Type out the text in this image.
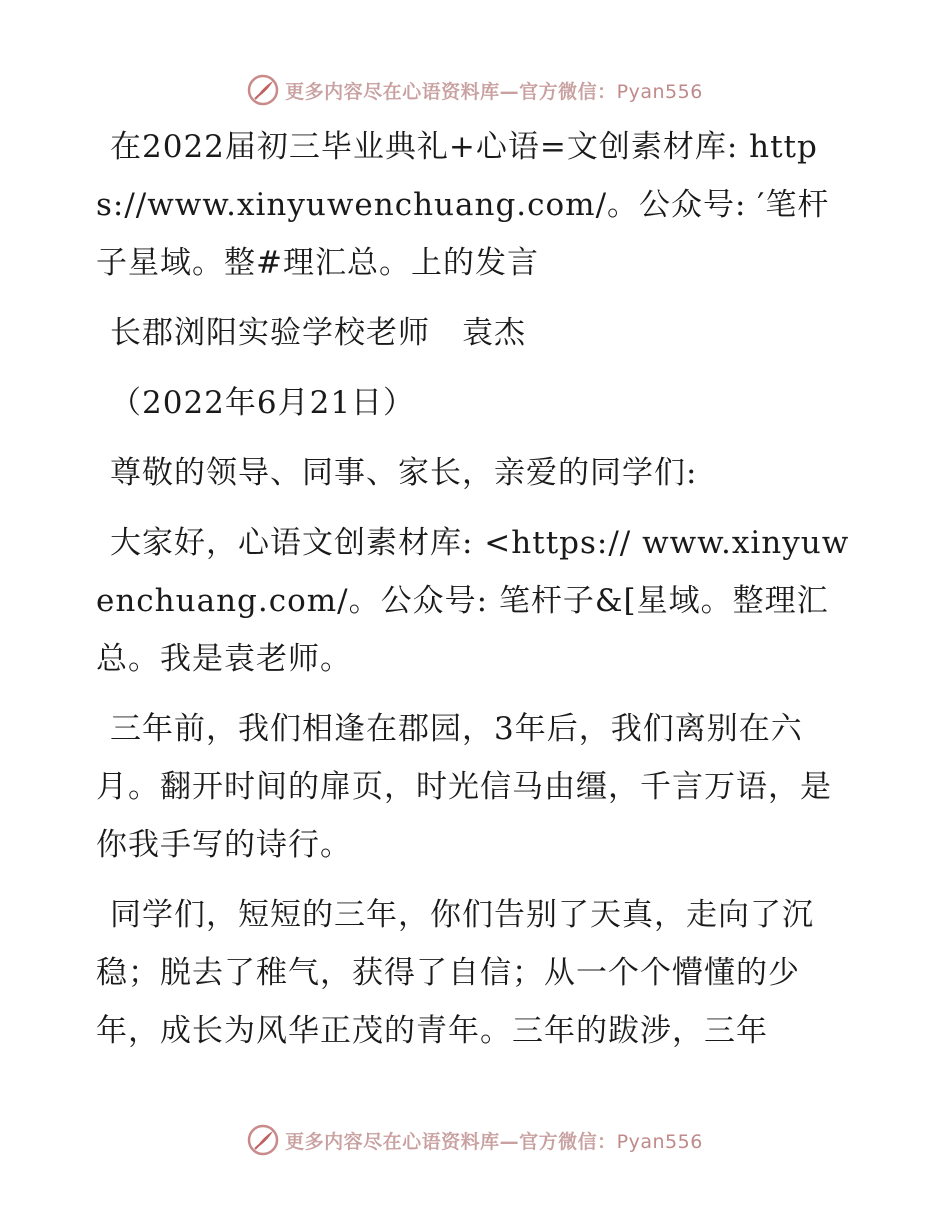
更多内容尽在心语资料库—官方微信：Pyan556

在2022届初三毕业典礼+心语=文创素材库: https://www.xinyuwenchuang.com/。公众号: ′笔杆子星域。整#理汇总。上的发言

长郡浏阳实验学校老师　袁杰

（2022年6月21日）

尊敬的领导、同事、家长，亲爱的同学们:

大家好，心语文创素材库: <https:// www.xinyuwenchuang.com/。公众号: 笔杆子&[星域。整理汇总。我是袁老师。

三年前，我们相逢在郡园，3年后，我们离别在六月。翻开时间的扉页，时光信马由缰，千言万语，是你我手写的诗行。

同学们，短短的三年，你们告别了天真，走向了沉稳；脱去了稚气，获得了自信；从一个个懵懂的少年，成长为风华正茂的青年。三年的跋涉，三年

更多内容尽在心语资料库—官方微信：Pyan556
